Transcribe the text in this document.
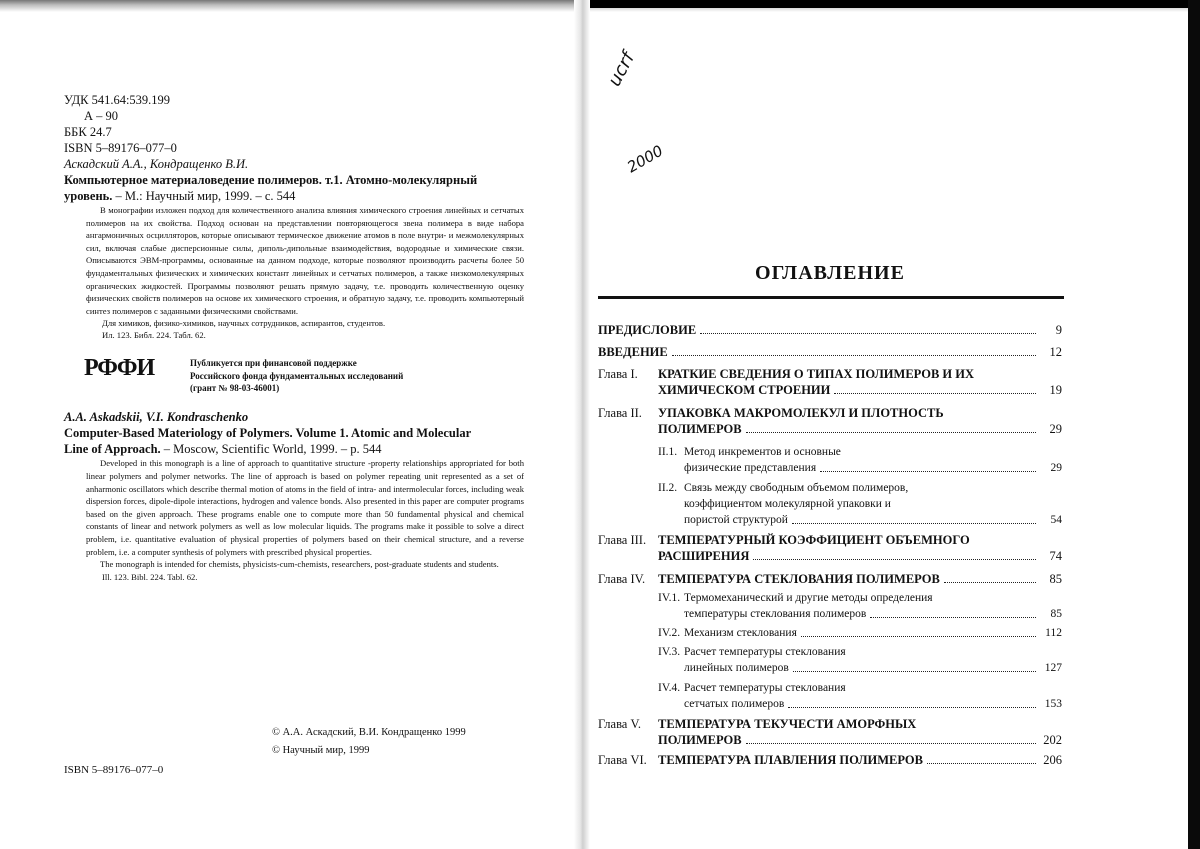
УДК 541.64:539.199
А – 90
ББК 24.7
ISBN 5–89176–077–0
Аскадский А.А., Кондращенко В.И.
Компьютерное материаловедение полимеров. т.1. Атомно-молекулярный
уровень. – М.: Научный мир, 1999. – с. 544
В монографии изложен подход для количественного анализа влияния химического строения линейных и сетчатых полимеров на их свойства. Подход основан на представлении повторяющегося звена полимера в виде набора ангармоничных осцилляторов, которые описывают термическое движение атомов в поле внутри- и межмолекулярных сил, включая слабые дисперсионные силы, диполь-дипольные взаимодействия, водородные и химические связи. Описываются ЭВМ-программы, основанные на данном подходе, которые позволяют производить расчеты более 50 фундаментальных физических и химических констант линейных и сетчатых полимеров, а также низкомолекулярных органических жидкостей. Программы позволяют решать прямую задачу, т.е. проводить количественную оценку физических свойств полимеров на основе их химического строения, и обратную задачу, т.е. проводить компьютерный синтез полимеров с заданными физическими свойствами.
Для химиков, физико-химиков, научных сотрудников, аспирантов, студентов.
Ил. 123. Библ. 224. Табл. 62.
РФФИ	Публикуется при финансовой поддержке
Российского фонда фундаментальных исследований
(грант № 98-03-46001)
A.A. Askadskii, V.I. Kondraschenko
Computer-Based Materiology of Polymers. Volume 1. Atomic and Molecular
Line of Approach. – Moscow, Scientific World, 1999. – p. 544
Developed in this monograph is a line of approach to quantitative structure -property relationships appropriated for both linear polymers and polymer networks. The line of approach is based on polymer repeating unit represented as a set of anharmonic oscillators which describe thermal motion of atoms in the field of intra- and intermolecular forces, including weak dispersion forces, dipole-dipole interactions, hydrogen and valence bonds. Also presented in this paper are computer programs based on the given approach. These programs enable one to compute more than 50 fundamental physical and chemical constants of linear and network polymers as well as low molecular liquids. The programs make it possible to solve a direct problem, i.e. quantitative evaluation of physical properties of polymers based on their chemical structure, and a reverse problem, i.e. a computer synthesis of polymers with prescribed physical properties.
The monograph is intended for chemists, physicists-cum-chemists, researchers, post-graduate students and students.
Ill. 123. Bibl. 224. Tabl. 62.
© А.А. Аскадский, В.И. Кондращенко 1999
© Научный мир, 1999
ISBN 5–89176–077–0
ucrf
2000
ОГЛАВЛЕНИЕ
ПРЕДИСЛОВИЕ	9
ВВЕДЕНИЕ	12
Глава I.	КРАТКИЕ СВЕДЕНИЯ О ТИПАХ ПОЛИМЕРОВ И ИХ
ХИМИЧЕСКОМ СТРОЕНИИ	19
Глава II.	УПАКОВКА МАКРОМОЛЕКУЛ И ПЛОТНОСТЬ
ПОЛИМЕРОВ	29
II.1. Метод инкрементов и основные
физические представления	29
II.2. Связь между свободным объемом полимеров,
коэффициентом молекулярной упаковки и
пористой структурой	54
Глава III. ТЕМПЕРАТУРНЫЙ КОЭФФИЦИЕНТ ОБЪЕМНОГО
РАСШИРЕНИЯ	74
Глава IV.	ТЕМПЕРАТУРА СТЕКЛОВАНИЯ ПОЛИМЕРОВ	85
IV.1. Термомеханический и другие методы определения
температуры стеклования полимеров	85
IV.2. Механизм стеклования	112
IV.3. Расчет температуры стеклования
линейных полимеров	127
IV.4. Расчет температуры стеклования
сетчатых полимеров	153
Глава V.	ТЕМПЕРАТУРА ТЕКУЧЕСТИ АМОРФНЫХ
ПОЛИМЕРОВ	202
Глава VI. ТЕМПЕРАТУРА ПЛАВЛЕНИЯ ПОЛИМЕРОВ	206
